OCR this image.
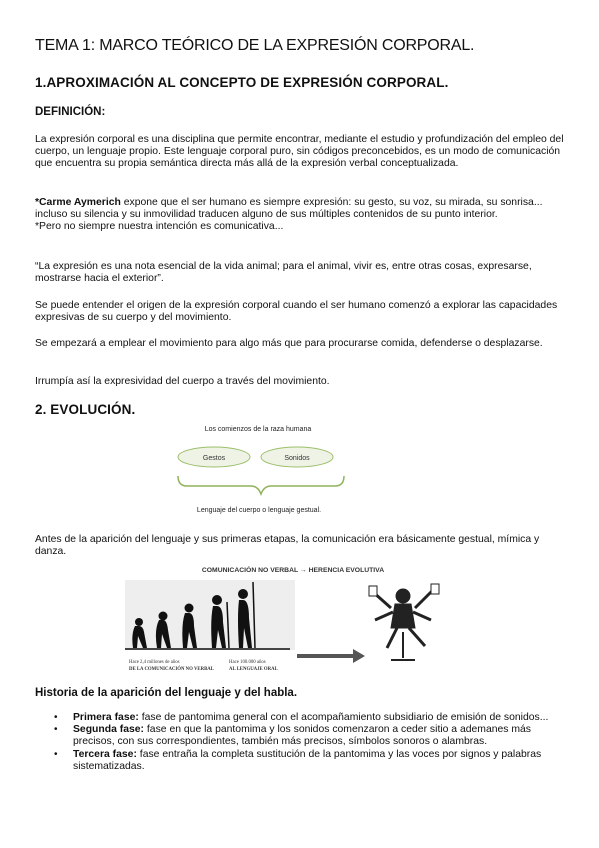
TEMA 1: MARCO TEÓRICO DE LA EXPRESIÓN CORPORAL.
1.APROXIMACIÓN AL CONCEPTO DE EXPRESIÓN CORPORAL.
DEFINICIÓN:
La expresión corporal es una disciplina que permite encontrar, mediante el estudio y profundización del empleo del cuerpo, un lenguaje propio. Este lenguaje corporal puro, sin códigos preconcebidos, es un modo de comunicación que encuentra su propia semántica directa más allá de la expresión verbal conceptualizada.
*Carme Aymerich expone que el ser humano es siempre expresión: su gesto, su voz, su mirada, su sonrisa... incluso su silencia y su inmovilidad traducen alguno de sus múltiples contenidos de su punto interior.
*Pero no siempre nuestra intención es comunicativa...
“La expresión es una nota esencial de la vida animal; para el animal, vivir es, entre otras cosas, expresarse, mostrarse hacia el exterior”.
Se puede entender el origen de la expresión corporal cuando el ser humano comenzó a explorar las capacidades expresivas de su cuerpo y del movimiento.
Se empezará a emplear el movimiento para algo más que para procurarse comida, defenderse o desplazarse.
Irrumpía así la expresividad del cuerpo a través del movimiento.
2. EVOLUCIÓN.
Los comienzos de la raza humana
Gestos	Sonidos
Lenguaje del cuerpo o lenguaje gestual.
Antes de la aparición del lenguaje y sus primeras etapas, la comunicación era básicamente gestual, mímica y danza.
COMUNICACIÓN NO VERBAL → HERENCIA EVOLUTIVA
Hace 2,4 millones de años
DE LA COMUNICACIÓN NO VERBAL
Hace 100.000 años
AL LENGUAJE ORAL
Historia de la aparición del lenguaje y del habla.
• Primera fase: fase de pantomima general con el acompañamiento subsidiario de emisión de sonidos...
• Segunda fase: fase en que la pantomima y los sonidos comenzaron a ceder sitio a ademanes más precisos, con sus correspondientes, también más precisos, símbolos sonoros o alambras.
• Tercera fase: fase entraña la completa sustitución de la pantomima y las voces por signos y palabras sistematizadas.
